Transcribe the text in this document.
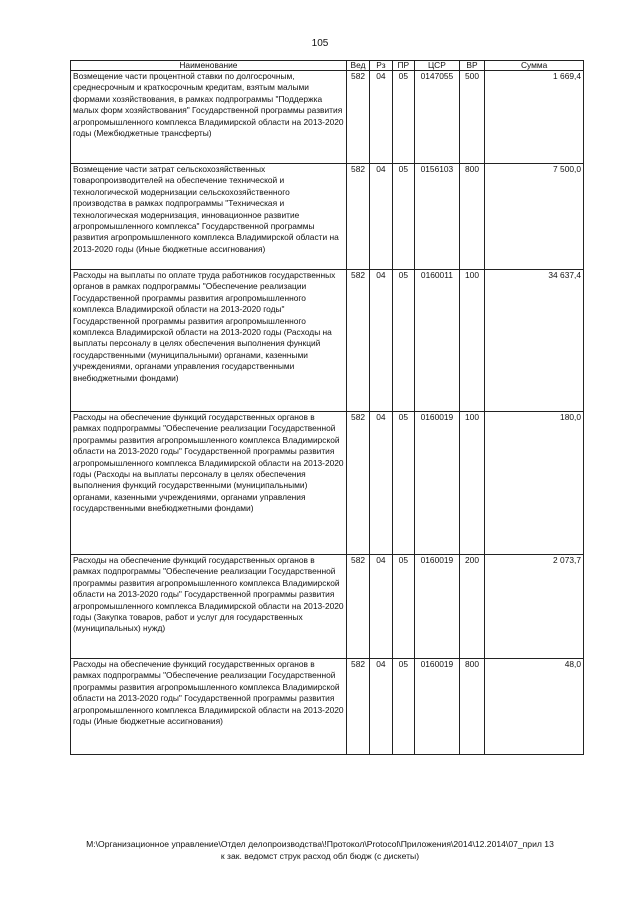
105
Наименование	Вед	Рз	ПР	ЦСР	ВР	Сумма
Возмещение части процентной ставки по долгосрочным, среднесрочным и краткосрочным кредитам, взятым малыми формами хозяйствования, в рамках подпрограммы "Поддержка малых форм хозяйствования" Государственной программы развития агропромышленного комплекса Владимирской области на 2013-2020 годы (Межбюджетные трансферты)	582	04	05	0147055	500	1 669,4
Возмещение части затрат сельскохозяйственных товаропроизводителей на обеспечение технической и технологической модернизации сельскохозяйственного производства в рамках подпрограммы "Техническая и технологическая модернизация, инновационное развитие агропромышленного комплекса" Государственной программы развития агропромышленного комплекса Владимирской области на 2013-2020 годы (Иные бюджетные ассигнования)	582	04	05	0156103	800	7 500,0
Расходы на выплаты по оплате труда работников государственных органов в рамках подпрограммы "Обеспечение реализации Государственной программы развития агропромышленного комплекса Владимирской области на 2013-2020 годы" Государственной программы развития агропромышленного комплекса Владимирской области на 2013-2020 годы (Расходы на выплаты персоналу в целях обеспечения выполнения функций государственными (муниципальными) органами, казенными учреждениями, органами управления государственными внебюджетными фондами)	582	04	05	0160011	100	34 637,4
Расходы на обеспечение функций государственных органов в рамках подпрограммы "Обеспечение реализации Государственной программы развития агропромышленного комплекса Владимирской области на 2013-2020 годы" Государственной программы развития агропромышленного комплекса Владимирской области на 2013-2020 годы (Расходы на выплаты персоналу в целях обеспечения выполнения функций государственными (муниципальными) органами, казенными учреждениями, органами управления государственными внебюджетными фондами)	582	04	05	0160019	100	180,0
Расходы на обеспечение функций государственных органов в рамках подпрограммы "Обеспечение реализации Государственной программы развития агропромышленного комплекса Владимирской области на 2013-2020 годы" Государственной программы развития агропромышленного комплекса Владимирской области на 2013-2020 годы (Закупка товаров, работ и услуг для государственных (муниципальных) нужд)	582	04	05	0160019	200	2 073,7
Расходы на обеспечение функций государственных органов в рамках подпрограммы "Обеспечение реализации Государственной программы развития агропромышленного комплекса Владимирской области на 2013-2020 годы" Государственной программы развития агропромышленного комплекса Владимирской области на 2013-2020 годы (Иные бюджетные ассигнования)	582	04	05	0160019	800	48,0
M:\Организационное управление\Отдел делопроизводства\!Протокол\Protocol\Приложения\2014\12.2014\07_прил 13
к зак. ведомст струк расход обл бюдж (с дискеты)
